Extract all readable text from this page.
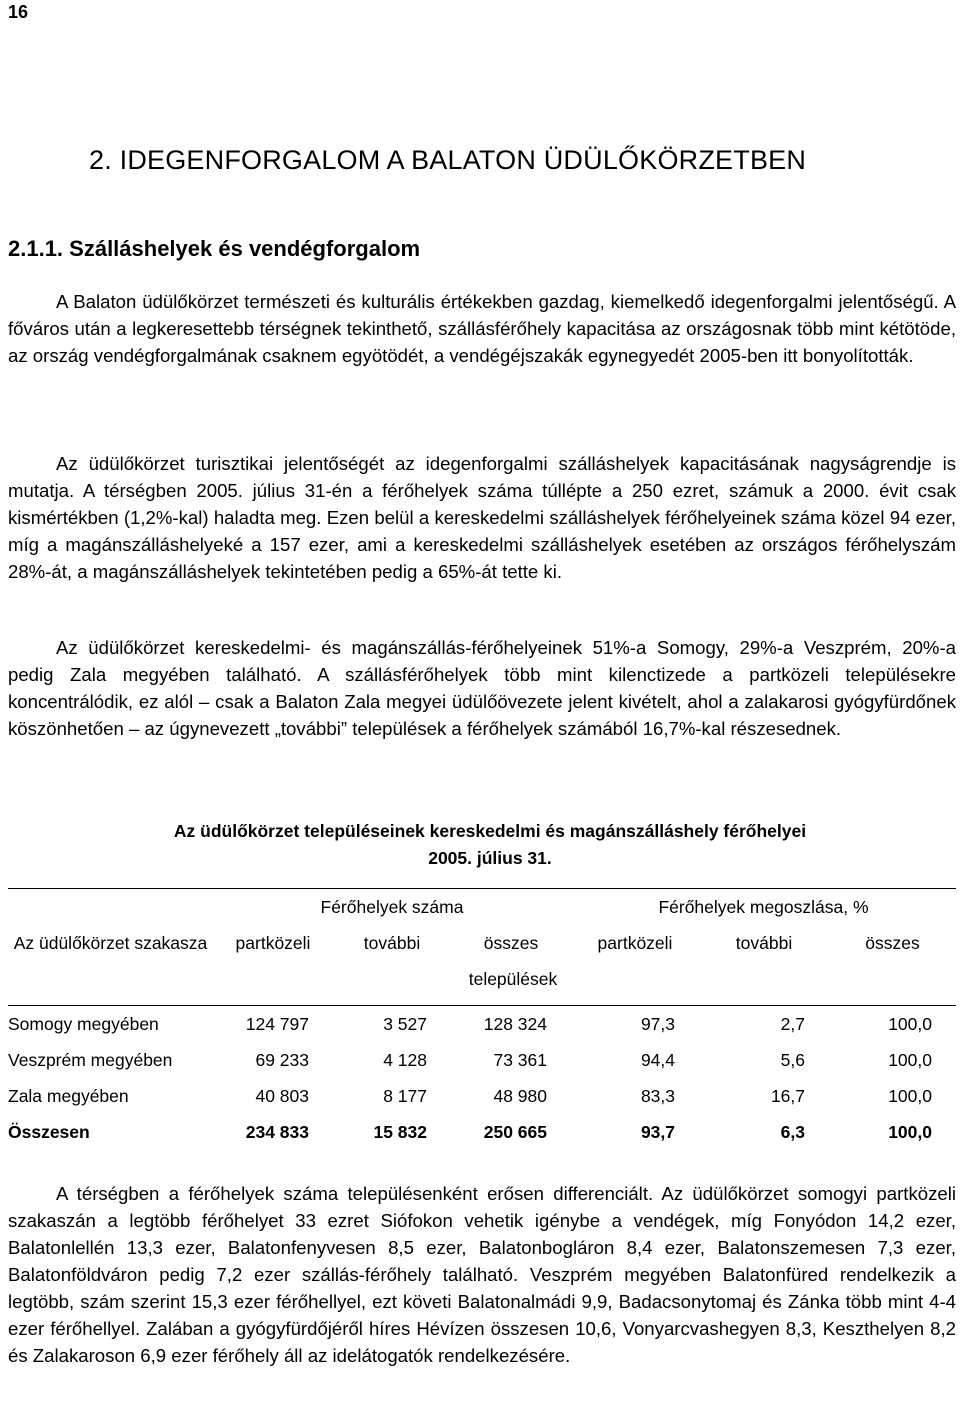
16
2. IDEGENFORGALOM A BALATON ÜDÜLŐKÖRZETBEN
2.1.1. Szálláshelyek és vendégforgalom

A Balaton üdülőkörzet természeti és kulturális értékekben gazdag, kiemelkedő idegenforgalmi jelentőségű. A főváros után a legkeresettebb térségnek tekinthető, szállásférőhely kapacitása az országosnak több mint kétötöde, az ország vendégforgalmának csaknem egyötödét, a vendégéjszakák egynegyedét 2005-ben itt bonyolították.

Az üdülőkörzet turisztikai jelentőségét az idegenforgalmi szálláshelyek kapacitásának nagyságrendje is mutatja. A térségben 2005. július 31-én a férőhelyek száma túllépte a 250 ezret, számuk a 2000. évit csak kismértékben (1,2%-kal) haladta meg. Ezen belül a kereskedelmi szálláshelyek férőhelyeinek száma közel 94 ezer, míg a magánszálláshelyeké a 157 ezer, ami a kereskedelmi szálláshelyek esetében az országos férőhelyszám 28%-át, a magánszálláshelyek tekintetében pedig a 65%-át tette ki.

Az üdülőkörzet kereskedelmi- és magánszállás-férőhelyeinek 51%-a Somogy, 29%-a Veszprém, 20%-a pedig Zala megyében található. A szállásférőhelyek több mint kilenctizede a partközeli településekre koncentrálódik, ez alól – csak a Balaton Zala megyei üdülőövezete jelent kivételt, ahol a zalakarosi gyógyfürdőnek köszönhetően – az úgynevezett „további” települések a férőhelyek számából 16,7%-kal részesednek.

Az üdülőkörzet településeinek kereskedelmi és magánszálláshely férőhelyei
2005. július 31.
Az üdülőkörzet szakasza	Férőhelyek száma			Férőhelyek megoszlása, %		
	partközeli	további	összes	partközeli	további	összes
	települések					

Somogy megyében	124 797	3 527	128 324	97,3	2,7	100,0
Veszprém megyében	69 233	4 128	73 361	94,4	5,6	100,0
Zala megyében	40 803	8 177	48 980	83,3	16,7	100,0
Összesen	234 833	15 832	250 665	93,7	6,3	100,0

A térségben a férőhelyek száma településenként erősen differenciált. Az üdülőkörzet somogyi partközeli szakaszán a legtöbb férőhelyet 33 ezret Siófokon vehetik igénybe a vendégek, míg Fonyódon 14,2 ezer, Balatonlellén 13,3 ezer, Balatonfenyvesen 8,5 ezer, Balatonbogláron 8,4 ezer, Balatonszemesen 7,3 ezer, Balatonföldváron pedig 7,2 ezer szállás-férőhely található. Veszprém megyében Balatonfüred rendelkezik a legtöbb, szám szerint 15,3 ezer férőhellyel, ezt követi Balatonalmádi 9,9, Badacsonytomaj és Zánka több mint 4-4 ezer férőhellyel. Zalában a gyógyfürdőjéről híres Hévízen összesen 10,6, Vonyarcvashegyen 8,3, Keszthelyen 8,2 és Zalakaroson 6,9 ezer férőhely áll az idelátogatók rendelkezésére.
